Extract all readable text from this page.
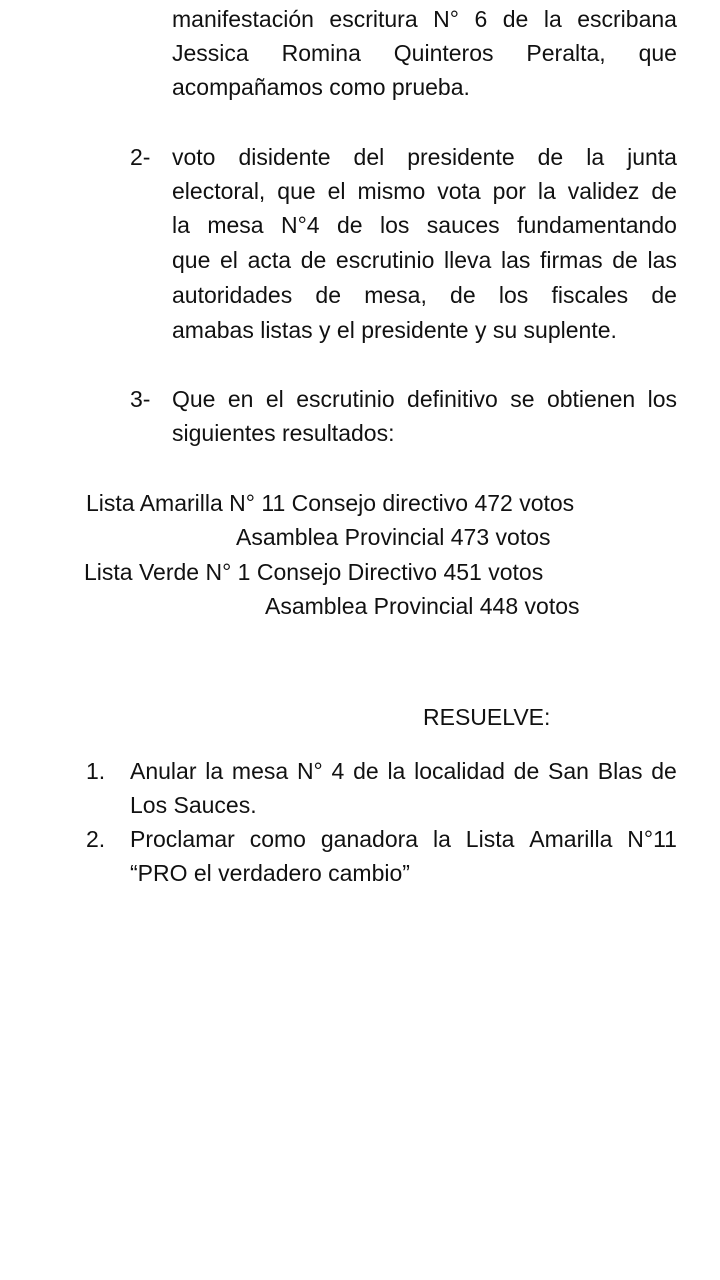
manifestación escritura N° 6 de la escribana
Jessica Romina Quinteros Peralta, que
acompañamos como prueba.
2- voto disidente del presidente de la junta
electoral, que el mismo vota por la validez de
la mesa N°4 de los sauces fundamentando
que el acta de escrutinio lleva las firmas de las
autoridades de mesa, de los fiscales de
amabas listas y el presidente y su suplente.
3- Que en el escrutinio definitivo se obtienen los
siguientes resultados:
Lista Amarilla N° 11 Consejo directivo 472 votos
Asamblea Provincial 473 votos
Lista Verde N° 1 Consejo Directivo 451 votos
Asamblea Provincial 448 votos
RESUELVE:
1. Anular la mesa N° 4 de la localidad de San Blas de
Los Sauces.
2. Proclamar como ganadora la Lista Amarilla N°11
“PRO el verdadero cambio”
